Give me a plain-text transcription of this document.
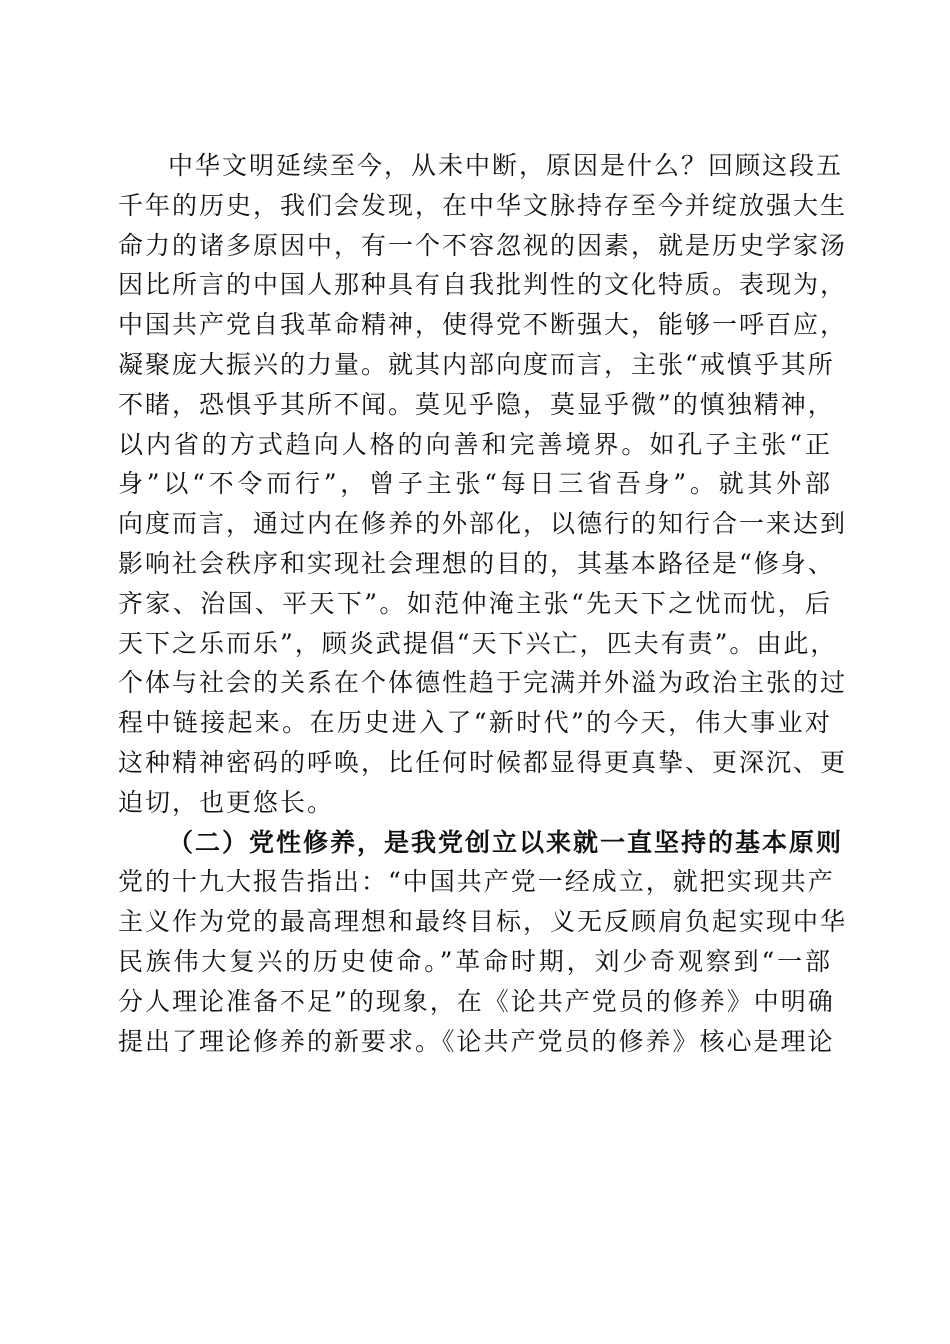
中华文明延续至今，从未中断，原因是什么？回顾这段五
千年的历史，我们会发现，在中华文脉持存至今并绽放强大生
命力的诸多原因中，有一个不容忽视的因素，就是历史学家汤
因比所言的中国人那种具有自我批判性的文化特质。表现为，
中国共产党自我革命精神，使得党不断强大，能够一呼百应，
凝聚庞大振兴的力量。就其内部向度而言，主张“戒慎乎其所
不睹，恐惧乎其所不闻。莫见乎隐，莫显乎微”的慎独精神，
以内省的方式趋向人格的向善和完善境界。如孔子主张“正
身”以“不令而行”，曾子主张“每日三省吾身”。就其外部
向度而言，通过内在修养的外部化，以德行的知行合一来达到
影响社会秩序和实现社会理想的目的，其基本路径是“修身、
齐家、治国、平天下”。如范仲淹主张“先天下之忧而忧，后
天下之乐而乐”，顾炎武提倡“天下兴亡，匹夫有责”。由此，
个体与社会的关系在个体德性趋于完满并外溢为政治主张的过
程中链接起来。在历史进入了“新时代”的今天，伟大事业对
这种精神密码的呼唤，比任何时候都显得更真挚、更深沉、更
迫切，也更悠长。
（二）党性修养，是我党创立以来就一直坚持的基本原则
党的十九大报告指出：“中国共产党一经成立，就把实现共产
主义作为党的最高理想和最终目标，义无反顾肩负起实现中华
民族伟大复兴的历史使命。”革命时期，刘少奇观察到“一部
分人理论准备不足”的现象，在《论共产党员的修养》中明确
提出了理论修养的新要求。《论共产党员的修养》核心是理论
